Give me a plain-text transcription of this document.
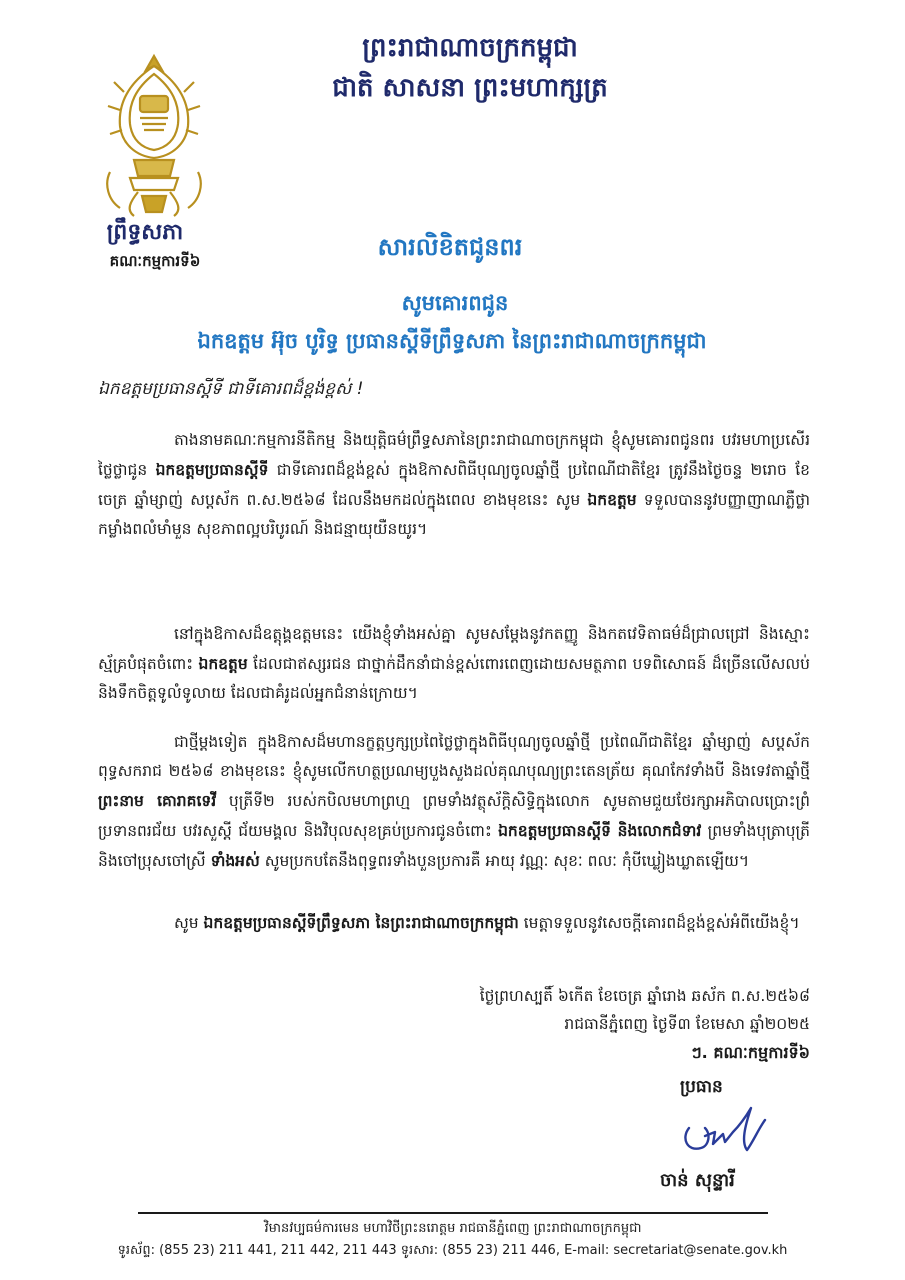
ព្រះរាជាណាចក្រកម្ពុជា
ជាតិ សាសនា ព្រះមហាក្សត្រ
ព្រឹទ្ធសភា
គណៈកម្មការទី៦	សារលិខិតជូនពរ
សូមគោរពជូន
ឯកឧត្តម អ៊ុច បូរិទ្ធ ប្រធានស្តីទីព្រឹទ្ធសភា នៃព្រះរាជាណាចក្រកម្ពុជា
ឯកឧត្តមប្រធានស្តីទី ជាទីគោរពដ៏ខ្ពង់ខ្ពស់ !
តាងនាមគណៈកម្មការនីតិកម្ម និងយុត្តិធម៌ព្រឹទ្ធសភានៃព្រះរាជាណាចក្រកម្ពុជា ខ្ញុំសូមគោរពជូនពរ បវរមហាប្រសើរថ្លៃថ្លាជូន ឯកឧត្តមប្រធានស្តីទី ជាទីគោរពដ៏ខ្ពង់ខ្ពស់ ក្នុងឱកាសពិធីបុណ្យចូលឆ្នាំថ្មី ប្រពៃណីជាតិខ្មែរ ត្រូវនឹងថ្ងៃចន្ទ ២រោច ខែចេត្រ ឆ្នាំម្សាញ់ សប្តស័ក ព.ស.២៥៦៨ ដែលនឹងមកដល់ក្នុងពេល ខាងមុខនេះ សូម ឯកឧត្តម ទទួលបាននូវបញ្ញាញាណភ្លឺថ្លា កម្លាំងពលំមាំមួន សុខភាពល្អបរិបូរណ៍ និងជន្មាយុយឺនយូរ។
នៅក្នុងឱកាសដ៏ឧត្តុង្គឧត្តមនេះ យើងខ្ញុំទាំងអស់គ្នា សូមសម្តែងនូវកតញ្ញូ និងកតវេទិតាធម៌ដ៏ជ្រាលជ្រៅ និងស្មោះស្ម័គ្របំផុតចំពោះ ឯកឧត្តម ដែលជាឥស្សរជន ជាថ្នាក់ដឹកនាំជាន់ខ្ពស់ពោរពេញដោយសមត្ថភាព បទពិសោធន៍ ដ៏ច្រើនលើសលប់ និងទឹកចិត្តទូលំទូលាយ ដែលជាគំរូដល់អ្នកជំនាន់ក្រោយ។
ជាថ្មីម្តងទៀត ក្នុងឱកាសដ៏មហានក្ខត្តឫក្សប្រពៃថ្លៃថ្លាក្នុងពិធីបុណ្យចូលឆ្នាំថ្មី ប្រពៃណីជាតិខ្មែរ ឆ្នាំម្សាញ់ សប្តស័ក ពុទ្ធសករាជ ២៥៦៨ ខាងមុខនេះ ខ្ញុំសូមលើកហត្ថប្រណម្យបួងសួងដល់គុណបុណ្យព្រះតេនត្រ័យ គុណកែវទាំងបី និងទេវតាឆ្នាំថ្មី ព្រះនាម គោរាគទេវី បុត្រីទី២ របស់កបិលមហាព្រហ្ម ព្រមទាំងវត្ថុស័ក្តិសិទ្ធិក្នុងលោក សូមតាមជួយថែរក្សាអភិបាលប្រោះព្រំ ប្រទានពរជ័យ បវរសួស្តី ជ័យមង្គល និងវិបុលសុខគ្រប់ប្រការជូនចំពោះ ឯកឧត្តមប្រធានស្តីទី និងលោកជំទាវ ព្រមទាំងបុត្រាបុត្រី និងចៅប្រុសចៅស្រី ទាំងអស់ សូមប្រកបតែនឹងពុទ្ធពរទាំងបួនប្រការគឺ អាយុ វណ្ណៈ សុខៈ ពលៈ កុំបីឃ្លៀងឃ្លាតឡើយ។
សូម ឯកឧត្តមប្រធានស្តីទីព្រឹទ្ធសភា នៃព្រះរាជាណាចក្រកម្ពុជា មេត្តាទទួលនូវសេចក្តីគោរពដ៏ខ្ពង់ខ្ពស់អំពីយើងខ្ញុំ។
ថ្ងៃព្រហស្បតិ៍ ៦កើត ខែចេត្រ ឆ្នាំរោង ឆស័ក ព.ស.២៥៦៨
រាជធានីភ្នំពេញ ថ្ងៃទី៣ ខែមេសា ឆ្នាំ២០២៥
ៗ. គណៈកម្មការទី៦
ប្រធាន
ចាន់ សុន្ទារី
វិមានវប្បធម៌ការមេន មហាវិថីព្រះនរោត្តម រាជធានីភ្នំពេញ ព្រះរាជាណាចក្រកម្ពុជា
ទូរស័ព្ទ: (855 23) 211 441, 211 442, 211 443 ទូរសារ: (855 23) 211 446, E-mail: secretariat@senate.gov.kh
